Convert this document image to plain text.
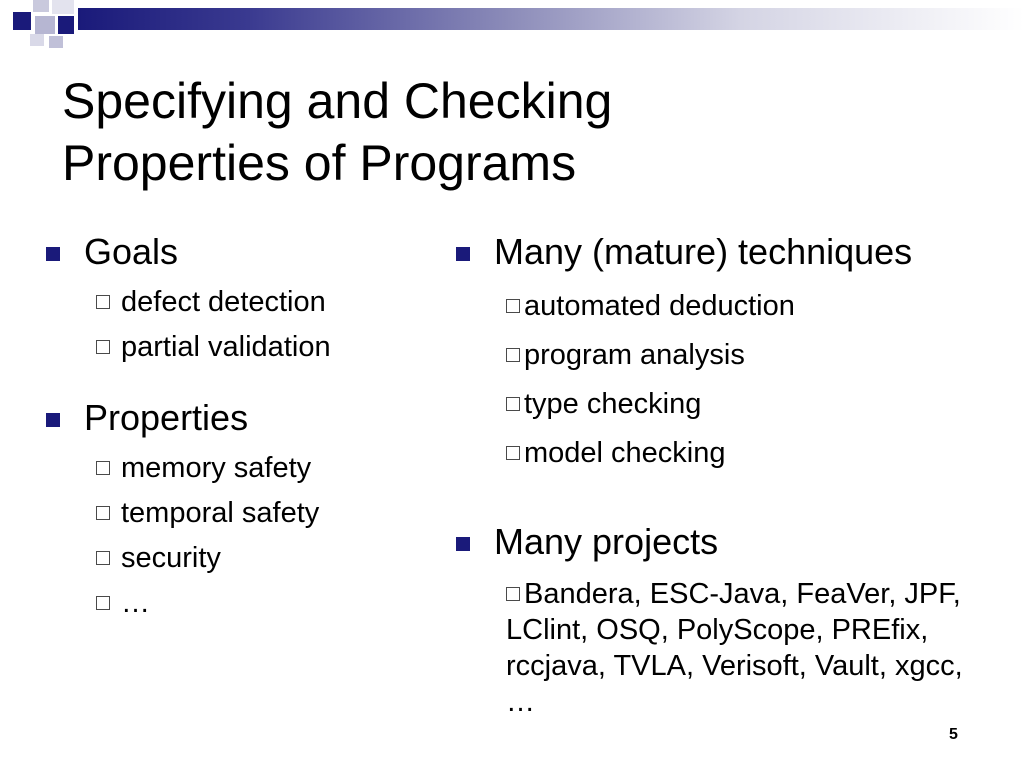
Specifying and Checking
Properties of Programs
Goals
defect detection
partial validation
Properties
memory safety
temporal safety
security
…
Many (mature) techniques
automated deduction
program analysis
type checking
model checking
Many projects
Bandera, ESC-Java, FeaVer, JPF, LClint, OSQ, PolyScope, PREfix, rccjava, TVLA, Verisoft, Vault, xgcc, …
5
